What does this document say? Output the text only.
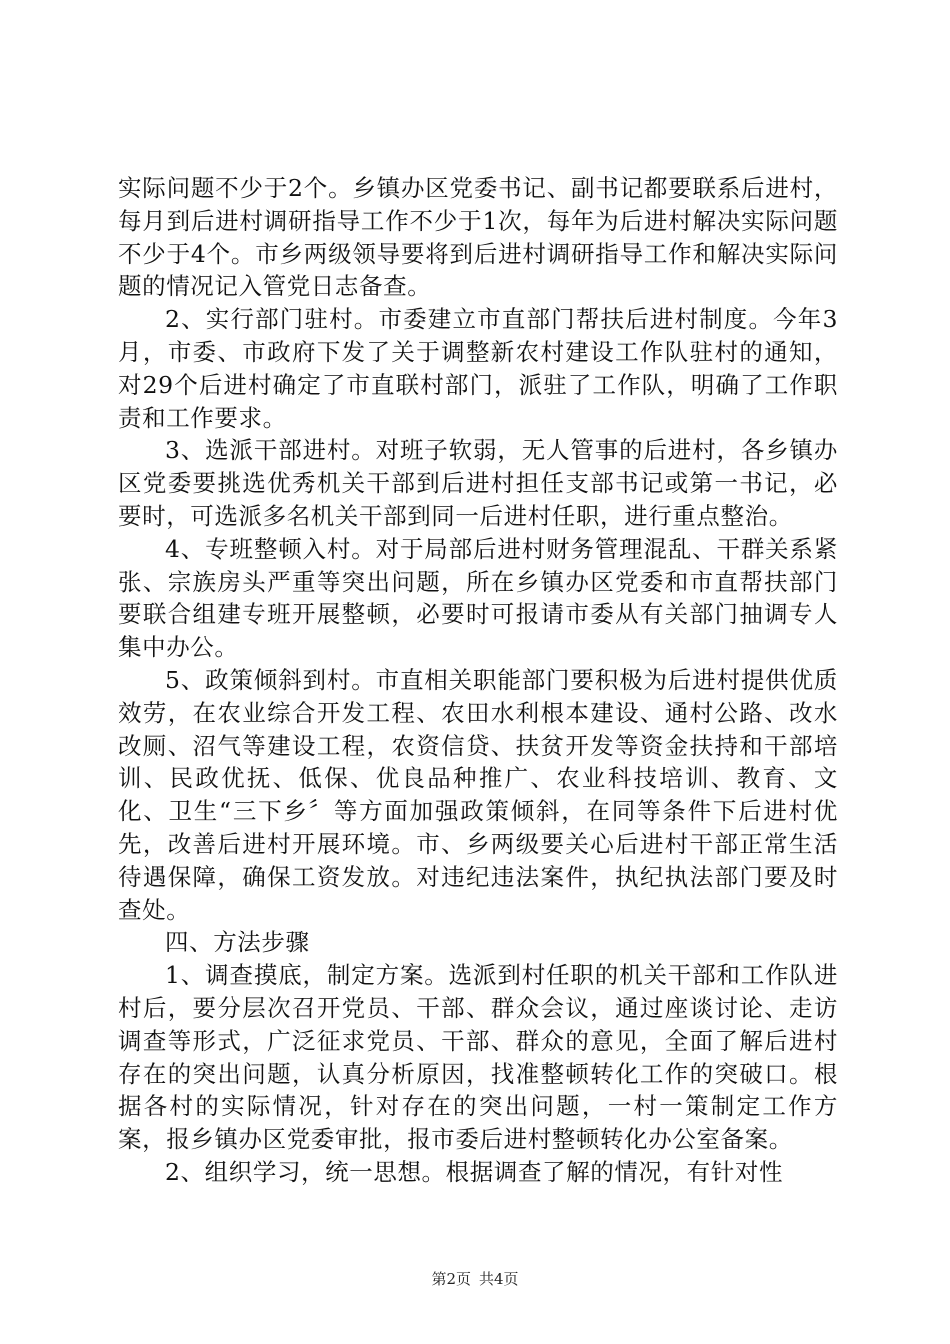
实际问题不少于2个。乡镇办区党委书记、副书记都要联系后进村，每月到后进村调研指导工作不少于1次，每年为后进村解决实际问题不少于4个。市乡两级领导要将到后进村调研指导工作和解决实际问题的情况记入管党日志备查。

2、实行部门驻村。市委建立市直部门帮扶后进村制度。今年3月，市委、市政府下发了关于调整新农村建设工作队驻村的通知，对29个后进村确定了市直联村部门，派驻了工作队，明确了工作职责和工作要求。

3、选派干部进村。对班子软弱，无人管事的后进村，各乡镇办区党委要挑选优秀机关干部到后进村担任支部书记或第一书记，必要时，可选派多名机关干部到同一后进村任职，进行重点整治。

4、专班整顿入村。对于局部后进村财务管理混乱、干群关系紧张、宗族房头严重等突出问题，所在乡镇办区党委和市直帮扶部门要联合组建专班开展整顿，必要时可报请市委从有关部门抽调专人集中办公。

5、政策倾斜到村。市直相关职能部门要积极为后进村提供优质效劳，在农业综合开发工程、农田水利根本建设、通村公路、改水改厕、沼气等建设工程，农资信贷、扶贫开发等资金扶持和干部培训、民政优抚、低保、优良品种推广、农业科技培训、教育、文化、卫生“三下乡〞等方面加强政策倾斜，在同等条件下后进村优先，改善后进村开展环境。市、乡两级要关心后进村干部正常生活待遇保障，确保工资发放。对违纪违法案件，执纪执法部门要及时查处。

四、方法步骤

1、调查摸底，制定方案。选派到村任职的机关干部和工作队进村后，要分层次召开党员、干部、群众会议，通过座谈讨论、走访调查等形式，广泛征求党员、干部、群众的意见，全面了解后进村存在的突出问题，认真分析原因，找准整顿转化工作的突破口。根据各村的实际情况，针对存在的突出问题，一村一策制定工作方案，报乡镇办区党委审批，报市委后进村整顿转化办公室备案。

2、组织学习，统一思想。根据调查了解的情况，有针对性

第2页 共4页
